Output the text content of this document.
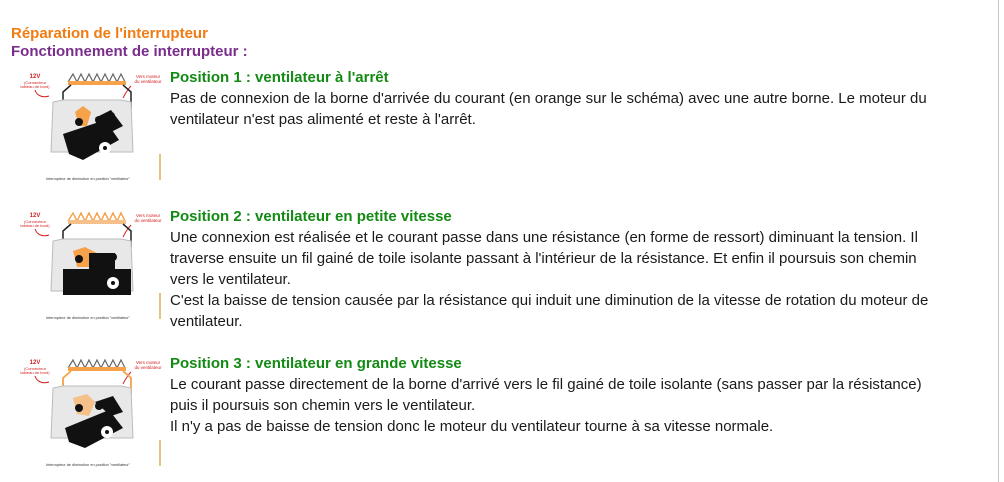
Réparation de l'interrupteur
Fonctionnement de interrupteur :
12V
(Connecteur
tableau de bord)
Vers moteur
du ventilateur
Interrupteur de diminution en position "ventilateur"
Position 1 : ventilateur à l'arrêt
Pas de connexion de la borne d'arrivée du courant (en orange sur le schéma) avec une autre borne. Le moteur du ventilateur n'est pas alimenté et reste à l'arrêt.
12V
(Connecteur
tableau de bord)
Vers moteur
du ventilateur
Interrupteur de diminution en position "ventilateur"
Position 2 : ventilateur en petite vitesse
Une connexion est réalisée et le courant passe dans une résistance (en forme de ressort) diminuant la tension. Il traverse ensuite un fil gainé de toile isolante passant à l'intérieur de la résistance. Et enfin il poursuis son chemin vers le ventilateur.
C'est la baisse de tension causée par la résistance qui induit une diminution de la vitesse de rotation du moteur de ventilateur.
12V
(Connecteur
tableau de bord)
Vers moteur
du ventilateur
Interrupteur de diminution en position "ventilateur"
Position 3 : ventilateur en grande vitesse
Le courant passe directement de la borne d'arrivé vers le fil gainé de toile isolante (sans passer par la résistance) puis il poursuis son chemin vers le ventilateur.
Il n'y a pas de baisse de tension donc le moteur du ventilateur tourne à sa vitesse normale.
